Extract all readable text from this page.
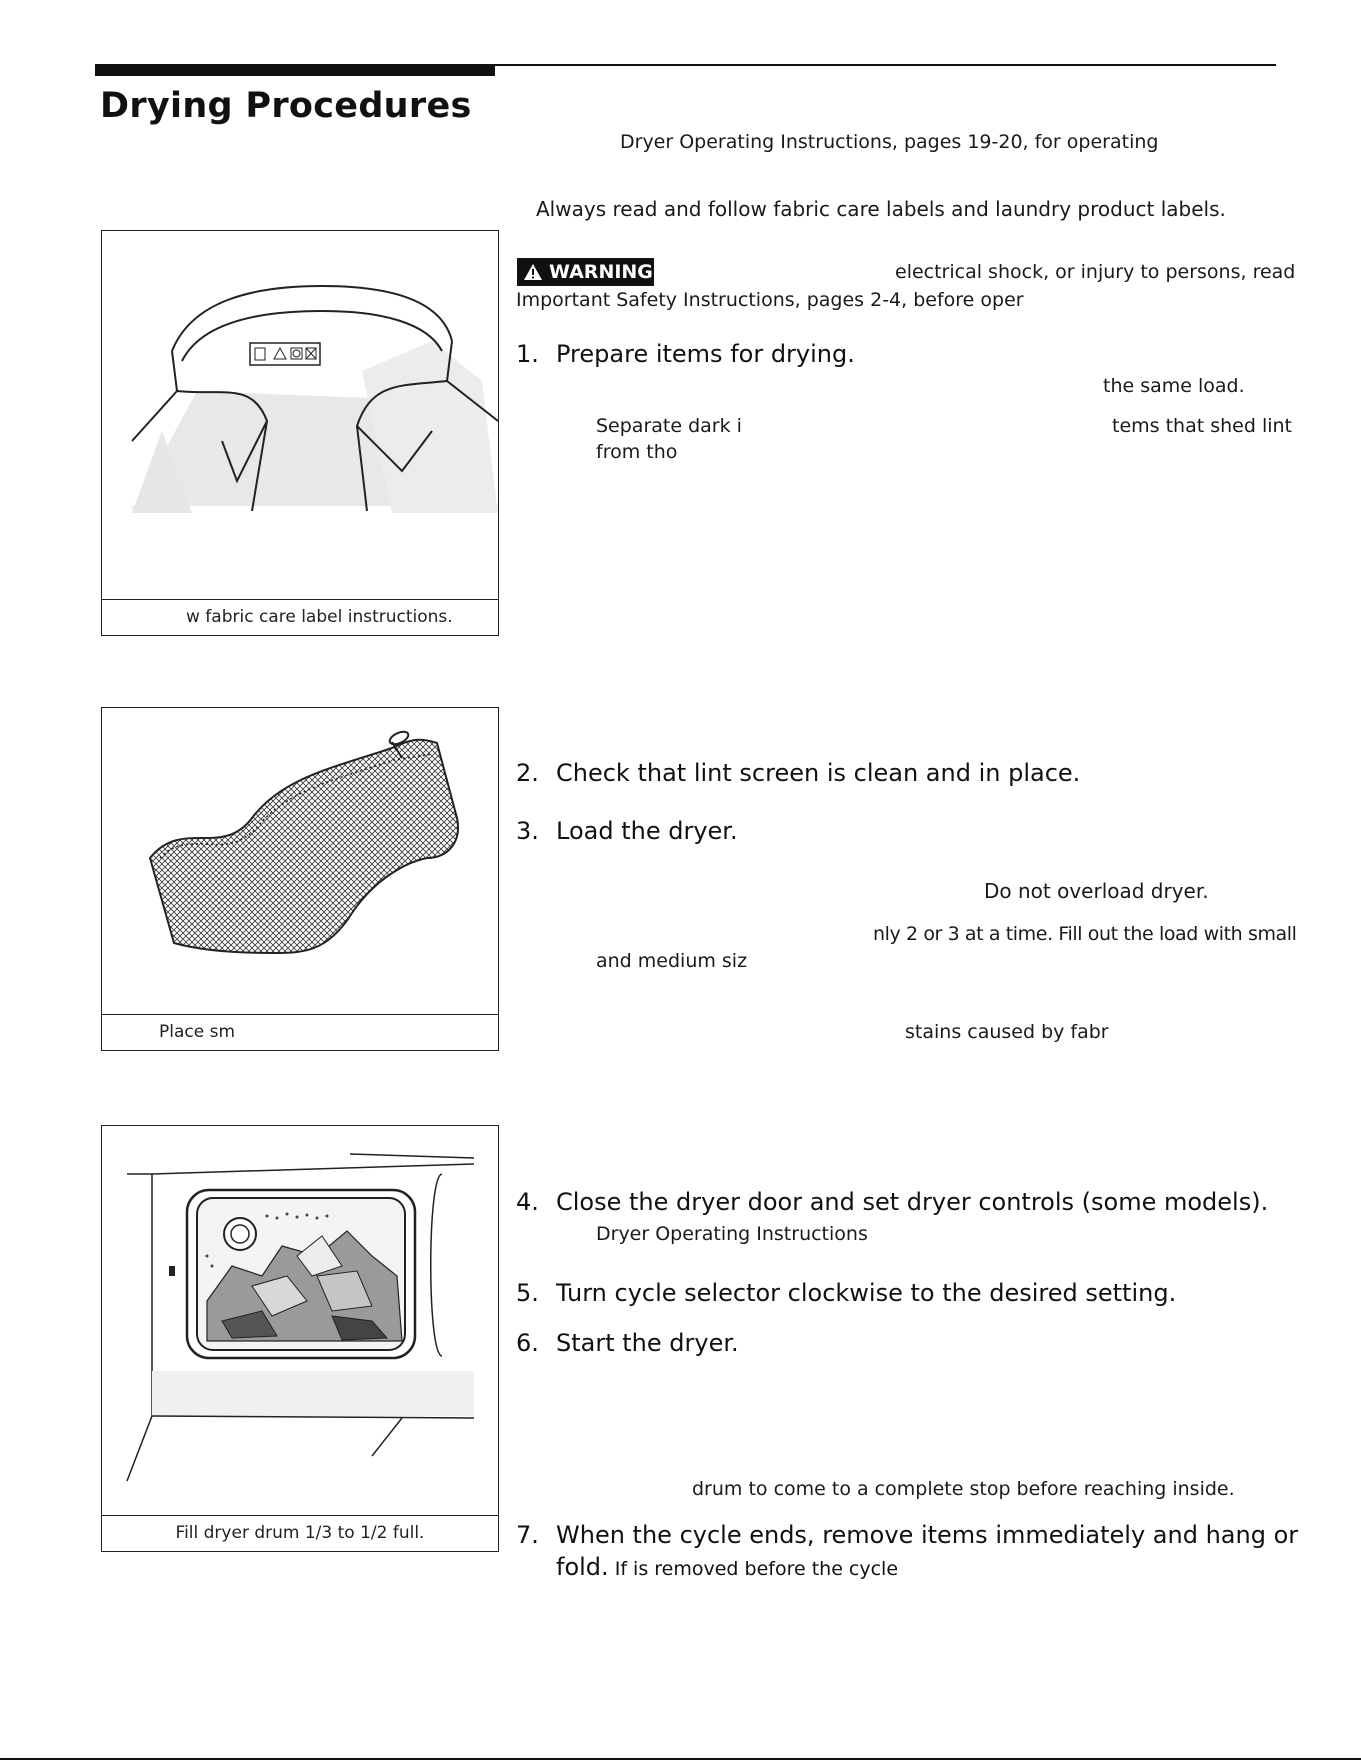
Drying Procedures
Dryer Operating Instructions, pages 19-20, for operating
Always read and follow fabric care labels and laundry product labels.
WARNING	electrical shock, or injury to persons, read
Important Safety Instructions, pages 2-4, before oper
1. Prepare items for drying.
the same load.
Separate dark i	tems that shed lint
from tho
2. Check that lint screen is clean and in place.
3. Load the dryer.
Do not overload dryer.
nly 2 or 3 at a time. Fill out the load with small
and medium siz
stains caused by fabr
4. Close the dryer door and set dryer controls (some models).
Dryer Operating Instructions
5. Turn cycle selector clockwise to the desired setting.
6. Start the dryer.
drum to come to a complete stop before reaching inside.
7. When the cycle ends, remove items immediately and hang or
fold. If is removed before the cycle
w fabric care label instructions.
Place sm
Fill dryer drum 1/3 to 1/2 full.
